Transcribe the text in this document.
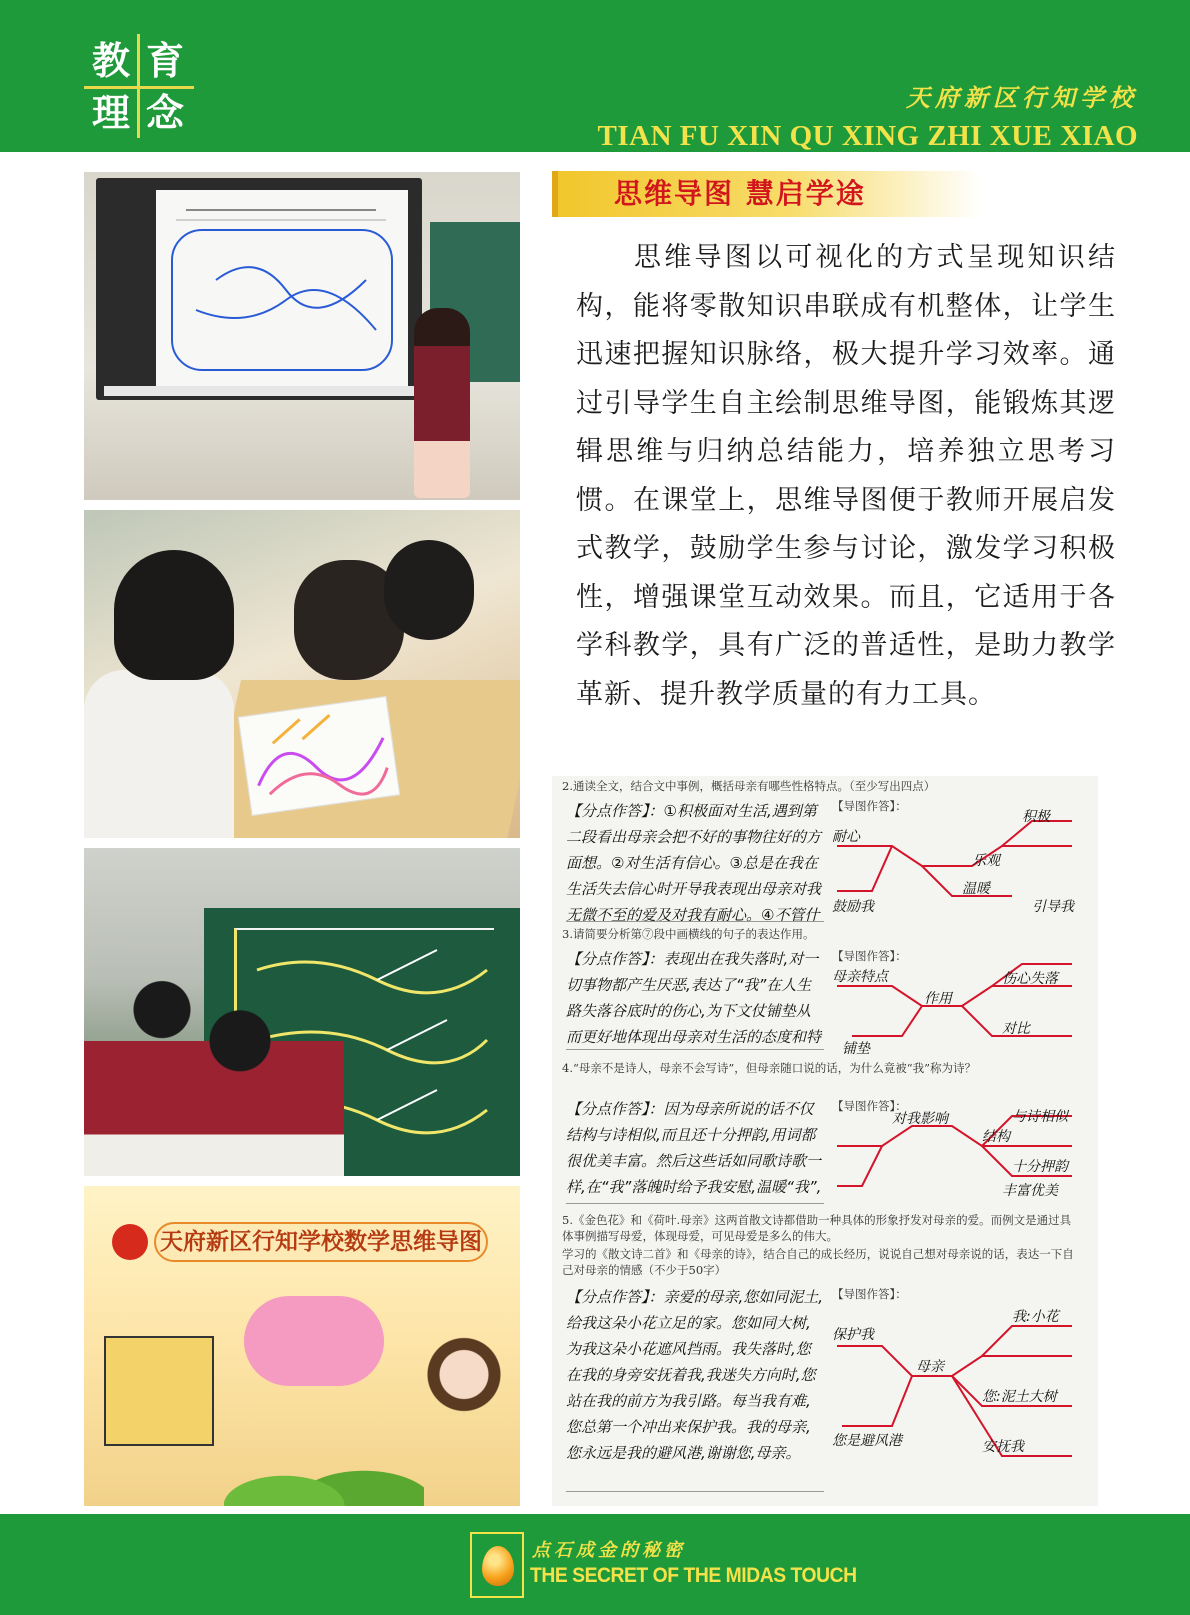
教 育
理 念	天府新区行知学校
TIAN FU XIN QU XING ZHI XUE XIAO
天府新区行知学校数学思维导图
思维导图 慧启学途

思维导图以可视化的方式呈现知识结构，能将零散知识串联成有机整体，让学生迅速把握知识脉络，极大提升学习效率。通过引导学生自主绘制思维导图，能锻炼其逻辑思维与归纳总结能力，培养独立思考习惯。在课堂上，思维导图便于教师开展启发式教学，鼓励学生参与讨论，激发学习积极性，增强课堂互动效果。而且，它适用于各学科教学，具有广泛的普适性，是助力教学革新、提升教学质量的有力工具。

2.通读全文，结合文中事例，概括母亲有哪些性格特点。（至少写出四点）
【分点作答】：①积极面对生活,遇到第二段看出母亲会把不好的事物往好的方面想。②对生活有信心。③总是在我在生活失去信心时开导我表现出母亲对我无微不至的爱及对我有耐心。④不管什
【导图作答】：
耐心
乐观
积极
温暖
引导我
鼓励我
3.请简要分析第⑦段中画横线的句子的表达作用。
【分点作答】：表现出在我失落时,对一切事物都产生厌恶,表达了“我”在人生路失落谷底时的伤心,为下文仗铺垫从而更好地体现出母亲对生活的态度和特
【导图作答】：
母亲特点
作用
伤心失落
铺垫
对比
4.“母亲不是诗人，母亲不会写诗”，但母亲随口说的话，为什么竟被“我”称为诗？
【分点作答】：因为母亲所说的话不仅结构与诗相似,而且还十分押韵,用词都很优美丰富。然后这些话如同歌诗歌一样,在“我”落魄时给予我安慰,温暖“我”,
【导图作答】：
对我影响
结构
与诗相似
十分押韵
丰富优美
5.《金色花》和《荷叶.母亲》这两首散文诗都借助一种具体的形象抒发对母亲的爱。而例文是通过具体事例描写母爱，体现母爱，可见母爱是多么的伟大。
学习的《散文诗二首》和《母亲的诗》，结合自己的成长经历，说说自己想对母亲说的话，表达一下自己对母亲的情感（不少于50字）
【分点作答】：亲爱的母亲,您如同泥土,给我这朵小花立足的家。您如同大树,为我这朵小花遮风挡雨。我失落时,您在我的身旁安抚着我,我迷失方向时,您站在我的前方为我引路。每当我有难,您总第一个冲出来保护我。我的母亲,您永远是我的避风港,谢谢您,母亲。
【导图作答】：
保护我
母亲
我:小花
您:泥土大树
您是避风港	安抚我
点石成金的秘密
THE SECRET OF THE MIDAS TOUCH
